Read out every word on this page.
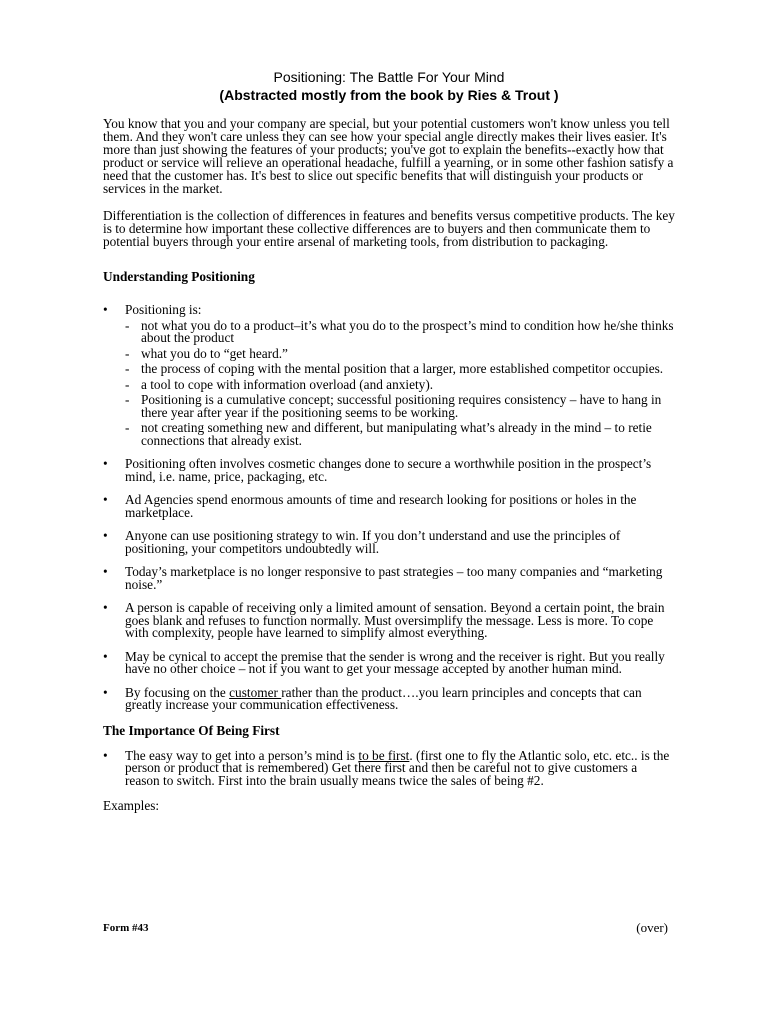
Positioning: The Battle For Your Mind
(Abstracted mostly from the book by Ries & Trout )

You know that you and your company are special, but your potential customers won't know unless you tell them. And they won't care unless they can see how your special angle directly makes their lives easier. It's more than just showing the features of your products; you've got to explain the benefits--exactly how that product or service will relieve an operational headache, fulfill a yearning, or in some other fashion satisfy a need that the customer has. It's best to slice out specific benefits that will distinguish your products or services in the market.

Differentiation is the collection of differences in features and benefits versus competitive products. The key is to determine how important these collective differences are to buyers and then communicate them to potential buyers through your entire arsenal of marketing tools, from distribution to packaging.

Understanding Positioning

• Positioning is:
- not what you do to a product–it’s what you do to the prospect’s mind to condition how he/she thinks about the product
- what you do to “get heard.”
- the process of coping with the mental position that a larger, more established competitor occupies.
- a tool to cope with information overload (and anxiety).
- Positioning is a cumulative concept; successful positioning requires consistency – have to hang in there year after year if the positioning seems to be working.
- not creating something new and different, but manipulating what’s already in the mind – to retie connections that already exist.
• Positioning often involves cosmetic changes done to secure a worthwhile position in the prospect’s mind, i.e. name, price, packaging, etc.
• Ad Agencies spend enormous amounts of time and research looking for positions or holes in the marketplace.
• Anyone can use positioning strategy to win. If you don’t understand and use the principles of positioning, your competitors undoubtedly will.
• Today’s marketplace is no longer responsive to past strategies – too many companies and “marketing noise.”
• A person is capable of receiving only a limited amount of sensation. Beyond a certain point, the brain goes blank and refuses to function normally. Must oversimplify the message. Less is more. To cope with complexity, people have learned to simplify almost everything.
• May be cynical to accept the premise that the sender is wrong and the receiver is right. But you really have no other choice – not if you want to get your message accepted by another human mind.
• By focusing on the customer rather than the product….you learn principles and concepts that can greatly increase your communication effectiveness.

The Importance Of Being First

• The easy way to get into a person’s mind is to be first. (first one to fly the Atlantic solo, etc. etc.. is the person or product that is remembered) Get there first and then be careful not to give customers a reason to switch. First into the brain usually means twice the sales of being #2.
Examples:
Form #43	(over)
